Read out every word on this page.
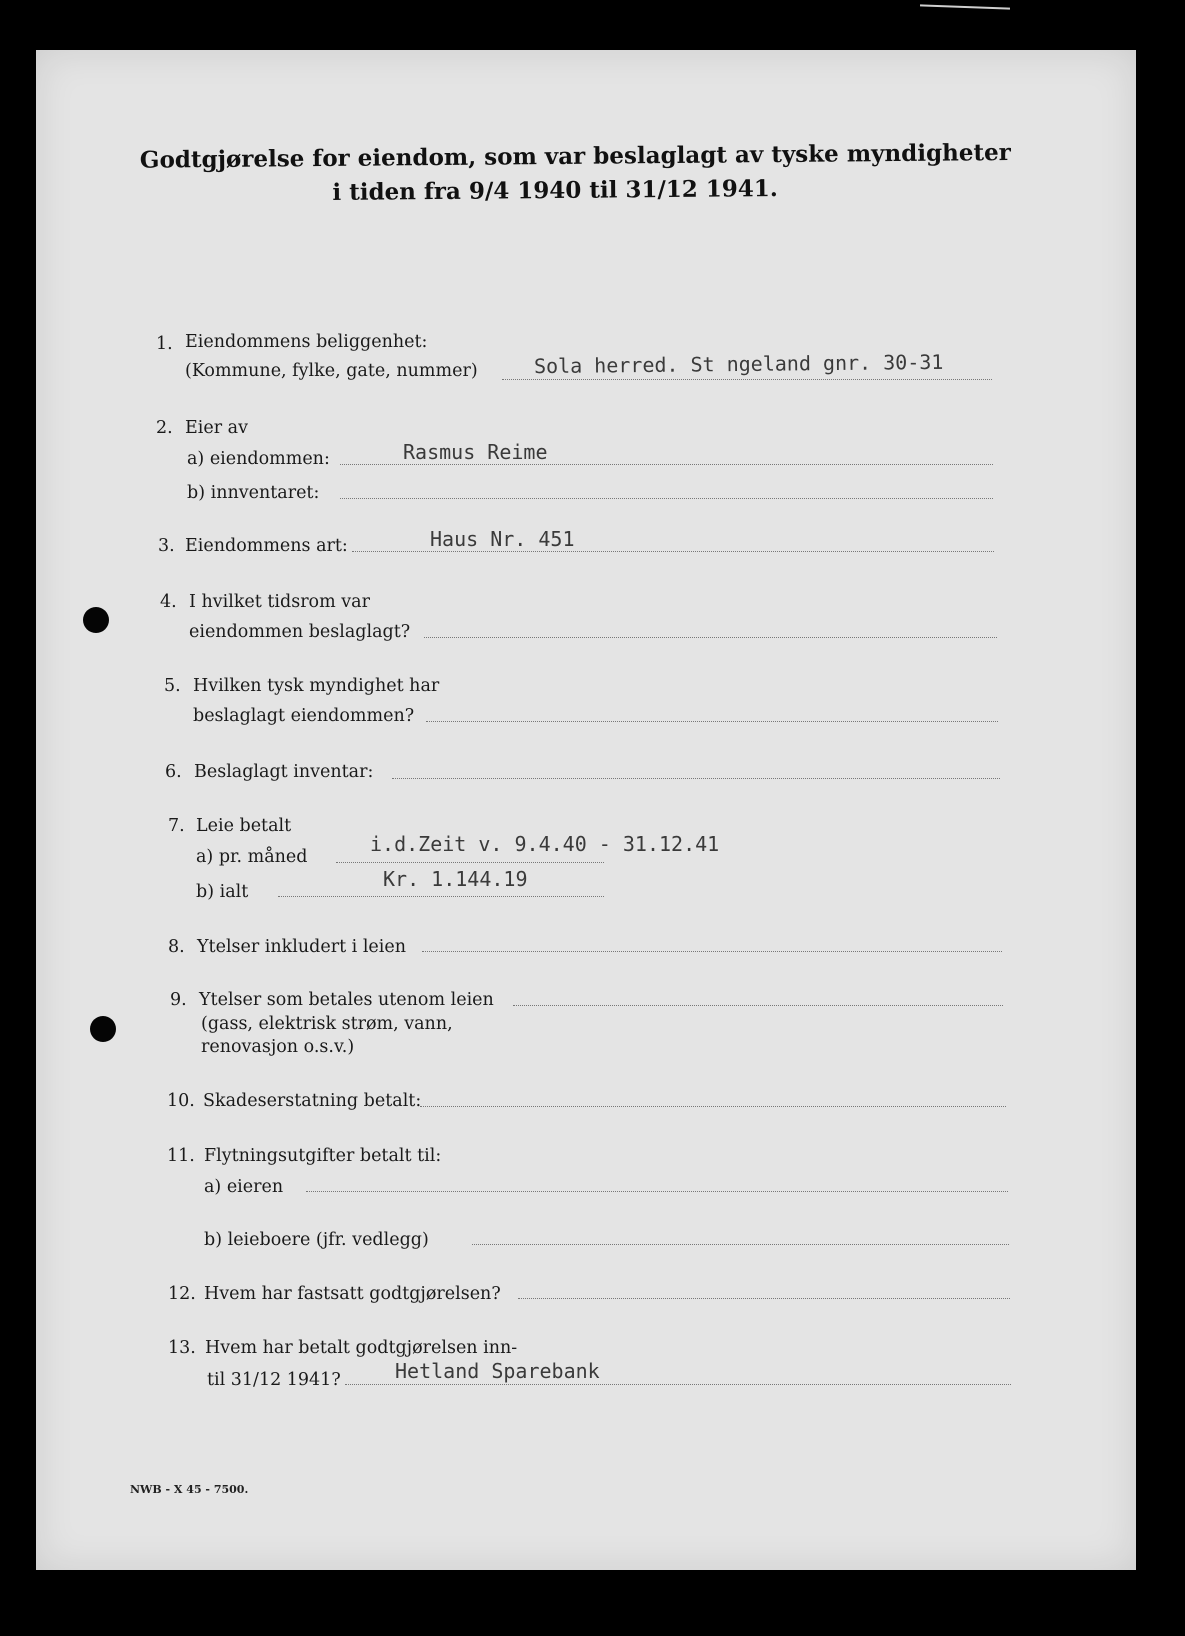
Godtgjørelse for eiendom, som var beslaglagt av tyske myndigheter
i tiden fra 9/4 1940 til 31/12 1941.
1. Eiendommens beliggenhet:
(Kommune, fylke, gate, nummer)	Sola herred. St ngeland gnr. 30-31
2. Eier av
a) eiendommen:	Rasmus Reime
b) innventaret:
3. Eiendommens art:	Haus Nr. 451
4. I hvilket tidsrom var
eiendommen beslaglagt?
5. Hvilken tysk myndighet har
beslaglagt eiendommen?
6. Beslaglagt inventar:
7. Leie betalt
a) pr. måned
i.d.Zeit v. 9.4.40 - 31.12.41
b) ialt
Kr. 1.144.19
8. Ytelser inkludert i leien
9. Ytelser som betales utenom leien
(gass, elektrisk strøm, vann,
renovasjon o.s.v.)
10. Skadeserstatning betalt:
11. Flytningsutgifter betalt til:
a) eieren
b) leieboere (jfr. vedlegg)
12. Hvem har fastsatt godtgjørelsen?
13. Hvem har betalt godtgjørelsen inn-
til 31/12 1941?	Hetland Sparebank
NWB - X 45 - 7500.
